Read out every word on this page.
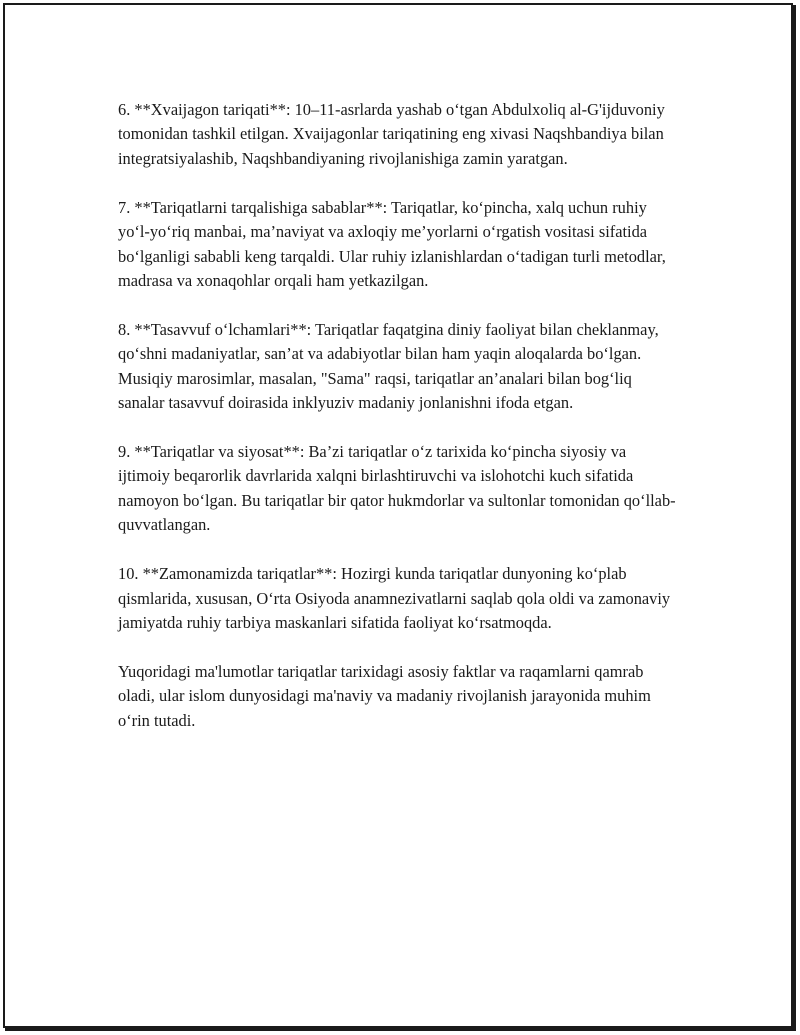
6. **Xvaijagon tariqati**: 10–11-asrlarda yashab o‘tgan Abdulxoliq al-G'ijduvoniy tomonidan tashkil etilgan. Xvaijagonlar tariqatining eng xivasi Naqshbandiya bilan integratsiyalashib, Naqshbandiyaning rivojlanishiga zamin yaratgan.

7. **Tariqatlarni tarqalishiga sabablar**: Tariqatlar, ko‘pincha, xalq uchun ruhiy yo‘l-yo‘riq manbai, ma’naviyat va axloqiy me’yorlarni o‘rgatish vositasi sifatida bo‘lganligi sababli keng tarqaldi. Ular ruhiy izlanishlardan o‘tadigan turli metodlar, madrasa va xonaqohlar orqali ham yetkazilgan.

8. **Tasavvuf o‘lchamlari**: Tariqatlar faqatgina diniy faoliyat bilan cheklanmay, qo‘shni madaniyatlar, san’at va adabiyotlar bilan ham yaqin aloqalarda bo‘lgan. Musiqiy marosimlar, masalan, "Sama" raqsi, tariqatlar an’analari bilan bog‘liq sanalar tasavvuf doirasida inklyuziv madaniy jonlanishni ifoda etgan.

9. **Tariqatlar va siyosat**: Ba’zi tariqatlar o‘z tarixida ko‘pincha siyosiy va ijtimoiy beqarorlik davrlarida xalqni birlashtiruvchi va islohotchi kuch sifatida namoyon bo‘lgan. Bu tariqatlar bir qator hukmdorlar va sultonlar tomonidan qo‘llab-quvvatlangan.

10. **Zamonamizda tariqatlar**: Hozirgi kunda tariqatlar dunyoning ko‘plab qismlarida, xususan, O‘rta Osiyoda anamnezivatlarni saqlab qola oldi va zamonaviy jamiyatda ruhiy tarbiya maskanlari sifatida faoliyat ko‘rsatmoqda.

Yuqoridagi ma'lumotlar tariqatlar tarixidagi asosiy faktlar va raqamlarni qamrab oladi, ular islom dunyosidagi ma'naviy va madaniy rivojlanish jarayonida muhim o‘rin tutadi.
